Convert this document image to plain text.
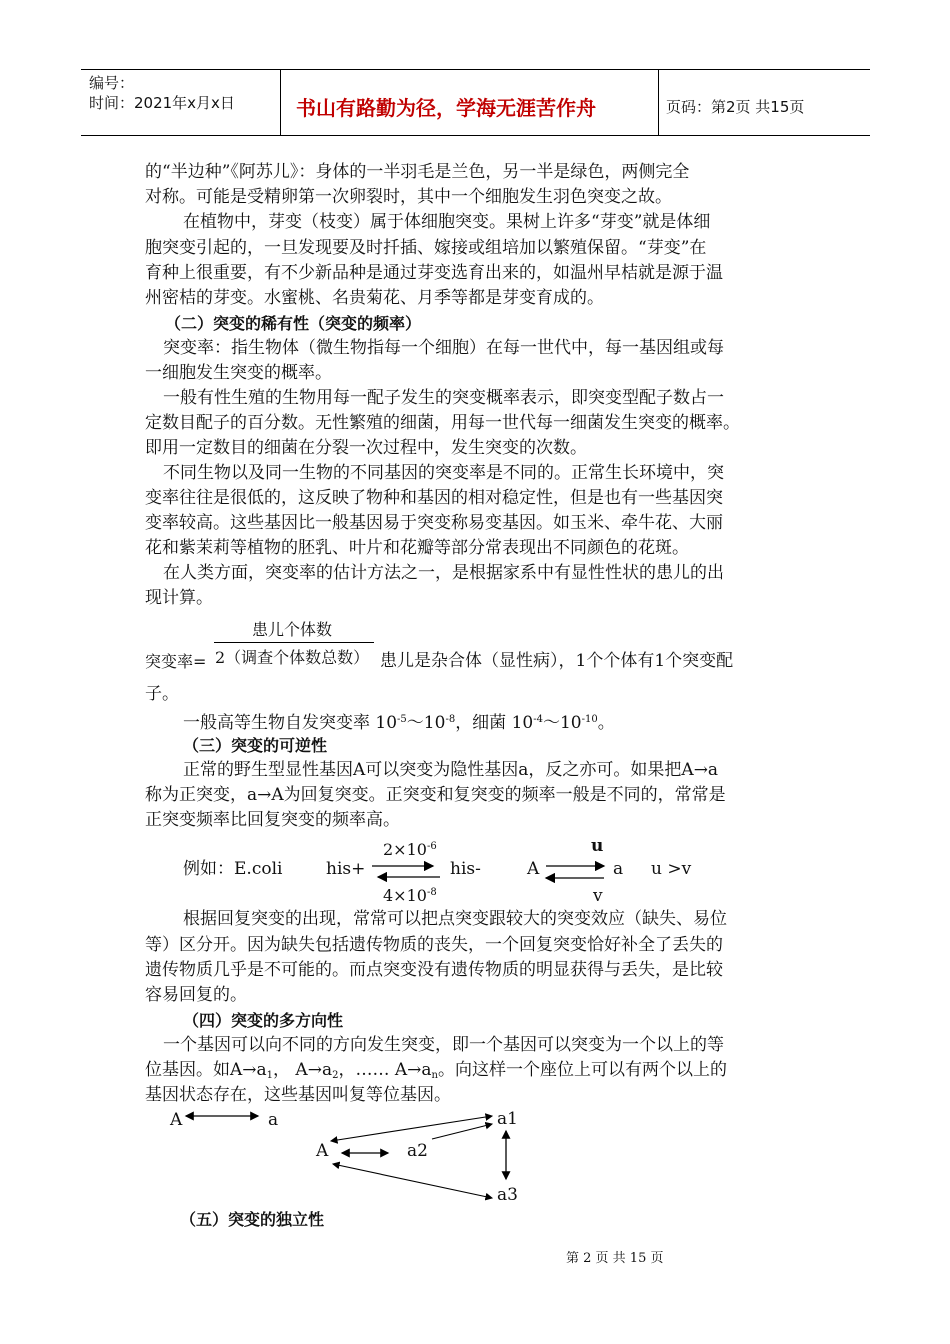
编号：
时间：2021年x月x日	书山有路勤为径，学海无涯苦作舟	页码：第2页 共15页
的“半边种”《阿苏儿》：身体的一半羽毛是兰色，另一半是绿色，两侧完全
对称。可能是受精卵第一次卵裂时，其中一个细胞发生羽色突变之故。
在植物中，芽变（枝变）属于体细胞突变。果树上许多“芽变”就是体细
胞突变引起的，一旦发现要及时扦插、嫁接或组培加以繁殖保留。“芽变”在
育种上很重要，有不少新品种是通过芽变选育出来的，如温州早桔就是源于温
州密桔的芽变。水蜜桃、名贵菊花、月季等都是芽变育成的。
（二）突变的稀有性（突变的频率）
突变率：指生物体（微生物指每一个细胞）在每一世代中，每一基因组或每
一细胞发生突变的概率。
一般有性生殖的生物用每一配子发生的突变概率表示，即突变型配子数占一
定数目配子的百分数。无性繁殖的细菌，用每一世代每一细菌发生突变的概率。
即用一定数目的细菌在分裂一次过程中，发生突变的次数。
不同生物以及同一生物的不同基因的突变率是不同的。正常生长环境中，突
变率往往是很低的，这反映了物种和基因的相对稳定性，但是也有一些基因突
变率较高。这些基因比一般基因易于突变称易变基因。如玉米、牵牛花、大丽
花和紫茉莉等植物的胚乳、叶片和花瓣等部分常表现出不同颜色的花斑。
在人类方面，突变率的估计方法之一，是根据家系中有显性性状的患儿的出
现计算。
患儿个体数
突变率= 2（调查个体数总数） 患儿是杂合体（显性病），1个个体有1个突变配
子。
一般高等生物自发突变率 $10^{-5}\sim 10^{-8}$，细菌 $10^{-4}\sim 10^{-10}$。
（三）突变的可逆性
正常的野生型显性基因A可以突变为隐性基因a，反之亦可。如果把A→a
称为正突变，a→A为回复突变。正突变和复突变的频率一般是不同的，常常是
正突变频率比回复突变的频率高。
$2\times 10^{-6}$
例如：E.coli	his+	his-
$4\times 10^{-8}$
A
u
a
v
u >v
根据回复突变的出现，常常可以把点突变跟较大的突变效应（缺失、易位
等）区分开。因为缺失包括遗传物质的丧失，一个回复突变恰好补全了丢失的
遗传物质几乎是不可能的。而点突变没有遗传物质的明显获得与丢失，是比较
容易回复的。
（四）突变的多方向性
一个基因可以向不同的方向发生突变，即一个基因可以突变为一个以上的等
位基因。如$A\to a_1$， $A\to a_2$，…… $A\to a_n$。向这样一个座位上可以有两个以上的
基因状态存在，这些基因叫复等位基因。
A	a
A
a1
a2
a3
（五）突变的独立性
第 2 页 共 15 页
